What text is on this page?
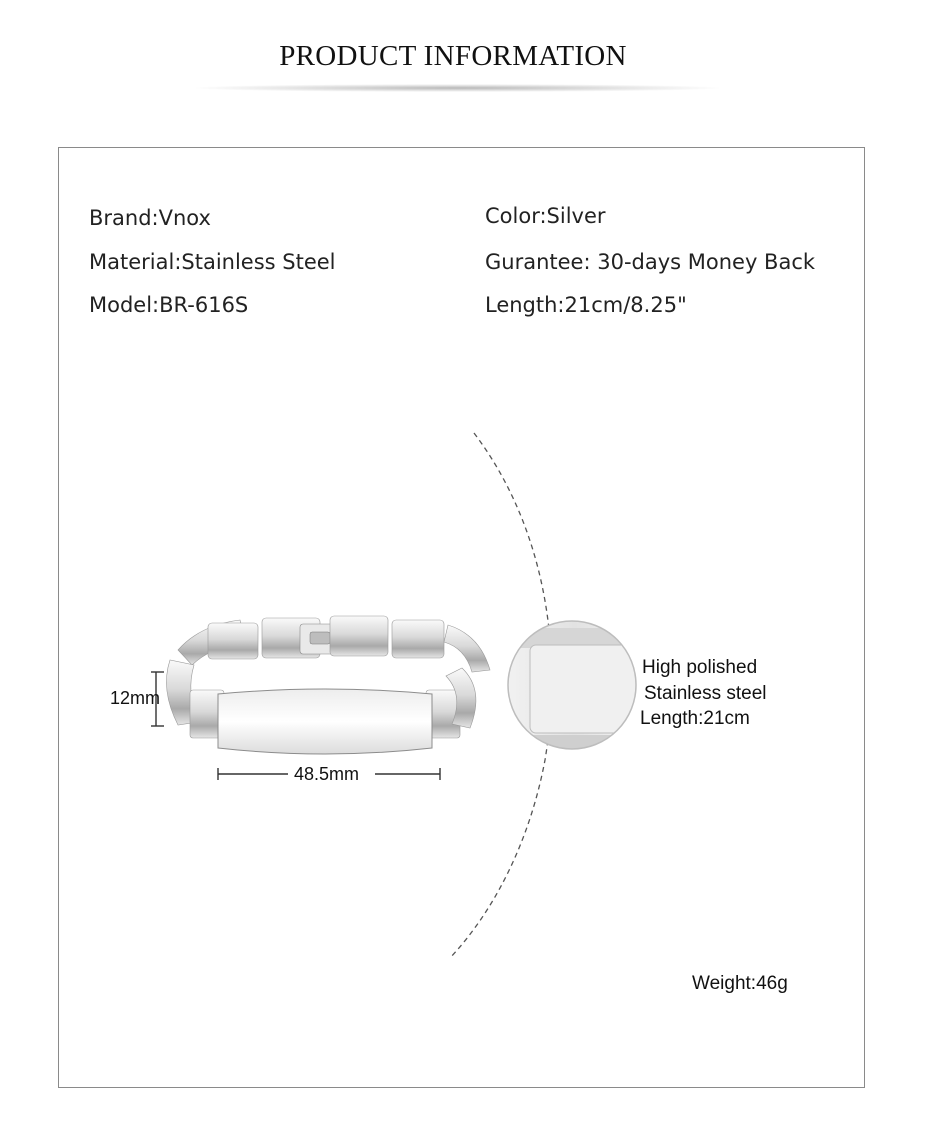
PRODUCT INFORMATION
Brand:Vnox
Material:Stainless Steel
Model:BR-616S
Color:Silver
Gurantee: 30-days Money Back
Length:21cm/8.25"
12mm
48.5mm
High polished
Stainless steel
Length:21cm
Weight:46g
